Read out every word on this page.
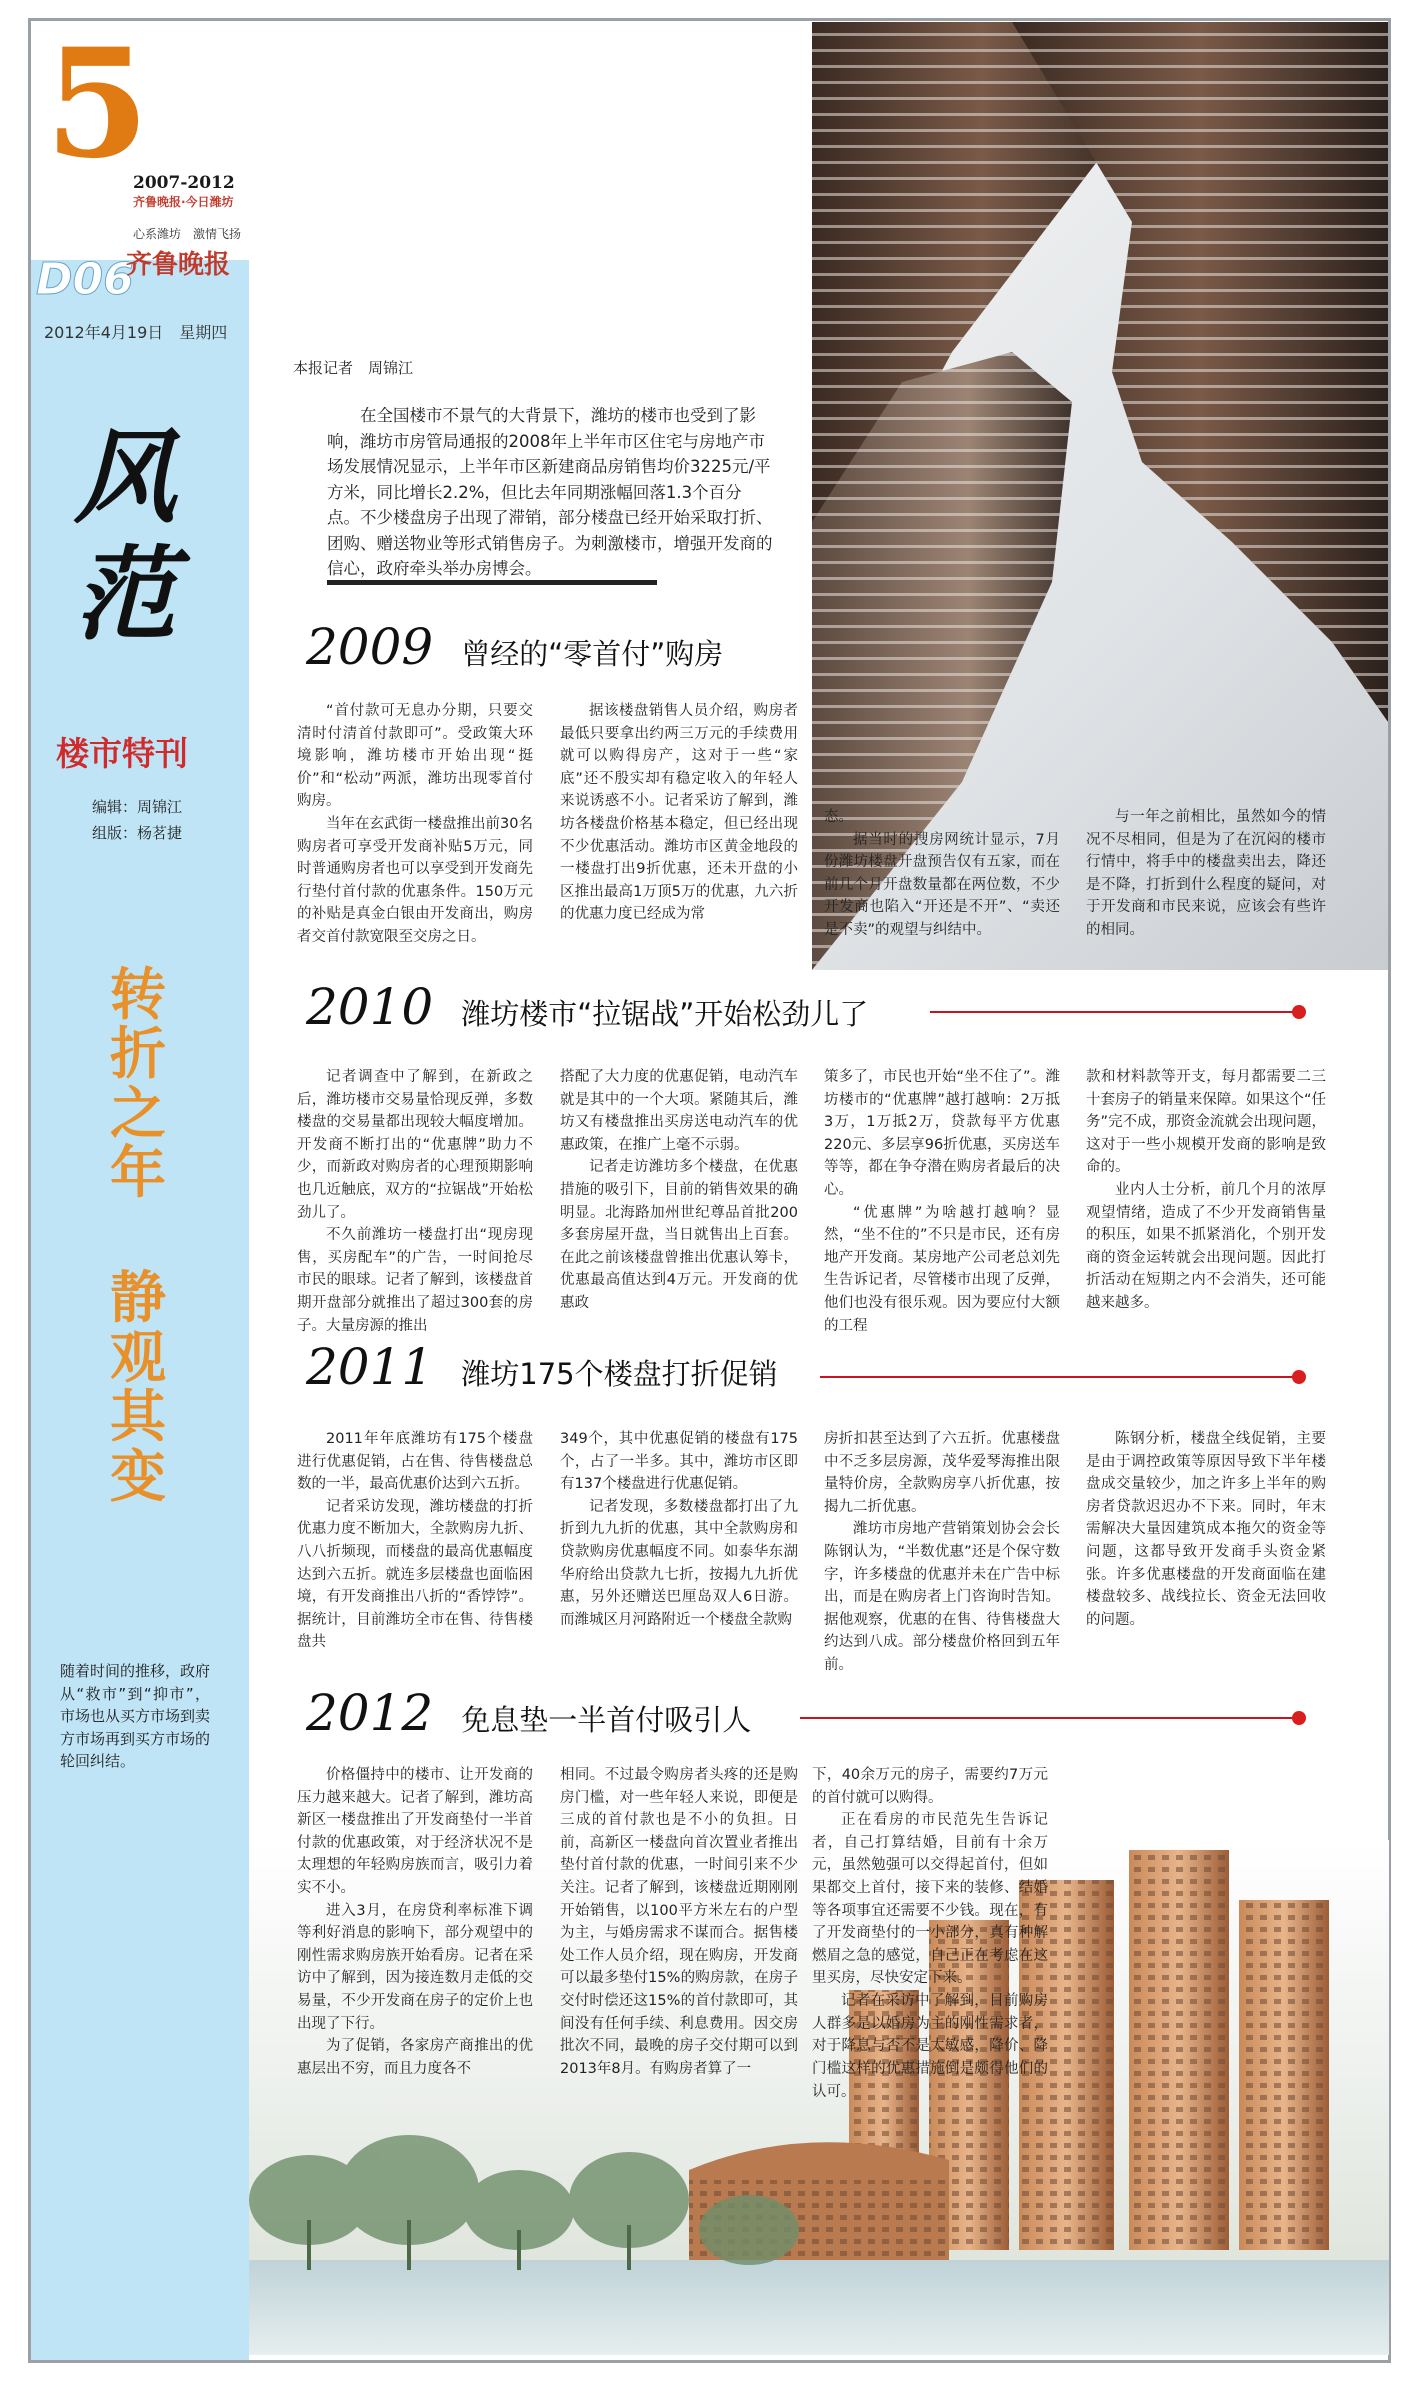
5
2007-2012
齐鲁晚报·今日潍坊
心系潍坊　激情飞扬
D06
齐鲁晚报
2012年4月19日　星期四
风范
楼市特刊
编辑：周锦江
组版：杨茗捷
转折之年
静观其变
随着时间的推移，政府从“救市”到“抑市”，市场也从买方市场到卖方市场再到买方市场的轮回纠结。
本报记者　周锦江
在全国楼市不景气的大背景下，潍坊的楼市也受到了影响，潍坊市房管局通报的2008年上半年市区住宅与房地产市场发展情况显示，上半年市区新建商品房销售均价3225元/平方米，同比增长2.2%，但比去年同期涨幅回落1.3个百分点。不少楼盘房子出现了滞销，部分楼盘已经开始采取打折、团购、赠送物业等形式销售房子。为刺激楼市，增强开发商的信心，政府牵头举办房博会。
2009 曾经的“零首付”购房

“首付款可无息办分期，只要交清时付清首付款即可”。受政策大环境影响，潍坊楼市开始出现“挺价”和“松动”两派，潍坊出现零首付购房。

当年在玄武街一楼盘推出前30名购房者可享受开发商补贴5万元，同时普通购房者也可以享受到开发商先行垫付首付款的优惠条件。150万元的补贴是真金白银由开发商出，购房者交首付款宽限至交房之日。

据该楼盘销售人员介绍，购房者最低只要拿出约两三万元的手续费用就可以购得房产，这对于一些“家底”还不殷实却有稳定收入的年轻人来说诱惑不小。记者采访了解到，潍坊各楼盘价格基本稳定，但已经出现不少优惠活动。潍坊市区黄金地段的一楼盘打出9折优惠，还未开盘的小区推出最高1万顶5万的优惠，九六折的优惠力度已经成为常

态。

据当时的搜房网统计显示，7月份潍坊楼盘开盘预告仅有五家，而在前几个月开盘数量都在两位数，不少开发商也陷入“开还是不开”、“卖还是不卖”的观望与纠结中。

与一年之前相比，虽然如今的情况不尽相同，但是为了在沉闷的楼市行情中，将手中的楼盘卖出去，降还是不降，打折到什么程度的疑问，对于开发商和市民来说，应该会有些许的相同。

2010 潍坊楼市“拉锯战”开始松劲儿了

记者调查中了解到，在新政之后，潍坊楼市交易量恰现反弹，多数楼盘的交易量都出现较大幅度增加。开发商不断打出的“优惠牌”助力不少，而新政对购房者的心理预期影响也几近触底，双方的“拉锯战”开始松劲儿了。

不久前潍坊一楼盘打出“现房现售，买房配车”的广告，一时间抢尽市民的眼球。记者了解到，该楼盘首期开盘部分就推出了超过300套的房子。大量房源的推出

搭配了大力度的优惠促销，电动汽车就是其中的一个大项。紧随其后，潍坊又有楼盘推出买房送电动汽车的优惠政策，在推广上毫不示弱。

记者走访潍坊多个楼盘，在优惠措施的吸引下，目前的销售效果的确明显。北海路加州世纪尊品首批200多套房屋开盘，当日就售出上百套。在此之前该楼盘曾推出优惠认筹卡，优惠最高值达到4万元。开发商的优惠政

策多了，市民也开始“坐不住了”。潍坊楼市的“优惠牌”越打越响：2万抵3万，1万抵2万，贷款每平方优惠220元、多层享96折优惠，买房送车等等，都在争夺潜在购房者最后的决心。

“优惠牌”为啥越打越响？显然，“坐不住的”不只是市民，还有房地产开发商。某房地产公司老总刘先生告诉记者，尽管楼市出现了反弹，他们也没有很乐观。因为要应付大额的工程

款和材料款等开支，每月都需要二三十套房子的销量来保障。如果这个“任务”完不成，那资金流就会出现问题，这对于一些小规模开发商的影响是致命的。

业内人士分析，前几个月的浓厚观望情绪，造成了不少开发商销售量的积压，如果不抓紧消化，个别开发商的资金运转就会出现问题。因此打折活动在短期之内不会消失，还可能越来越多。

2011 潍坊175个楼盘打折促销

2011年年底潍坊有175个楼盘进行优惠促销，占在售、待售楼盘总数的一半，最高优惠价达到六五折。

记者采访发现，潍坊楼盘的打折优惠力度不断加大，全款购房九折、八八折频现，而楼盘的最高优惠幅度达到六五折。就连多层楼盘也面临困境，有开发商推出八折的“香饽饽”。据统计，目前潍坊全市在售、待售楼盘共

349个，其中优惠促销的楼盘有175个，占了一半多。其中，潍坊市区即有137个楼盘进行优惠促销。

记者发现，多数楼盘都打出了九折到九九折的优惠，其中全款购房和贷款购房优惠幅度不同。如泰华东湖华府给出贷款九七折，按揭九九折优惠，另外还赠送巴厘岛双人6日游。而潍城区月河路附近一个楼盘全款购

房折扣甚至达到了六五折。优惠楼盘中不乏多层房源，茂华爱琴海推出限量特价房，全款购房享八折优惠，按揭九二折优惠。

潍坊市房地产营销策划协会会长陈钢认为，“半数优惠”还是个保守数字，许多楼盘的优惠并未在广告中标出，而是在购房者上门咨询时告知。据他观察，优惠的在售、待售楼盘大约达到八成。部分楼盘价格回到五年前。

陈钢分析，楼盘全线促销，主要是由于调控政策等原因导致下半年楼盘成交量较少，加之许多上半年的购房者贷款迟迟办不下来。同时，年末需解决大量因建筑成本拖欠的资金等问题，这都导致开发商手头资金紧张。许多优惠楼盘的开发商面临在建楼盘较多、战线拉长、资金无法回收的问题。

2012 免息垫一半首付吸引人

价格僵持中的楼市、让开发商的压力越来越大。记者了解到，潍坊高新区一楼盘推出了开发商垫付一半首付款的优惠政策，对于经济状况不是太理想的年轻购房族而言，吸引力着实不小。

进入3月，在房贷利率标准下调等利好消息的影响下，部分观望中的刚性需求购房族开始看房。记者在采访中了解到，因为接连数月走低的交易量，不少开发商在房子的定价上也出现了下行。

为了促销，各家房产商推出的优惠层出不穷，而且力度各不

相同。不过最令购房者头疼的还是购房门槛，对一些年轻人来说，即便是三成的首付款也是不小的负担。日前，高新区一楼盘向首次置业者推出垫付首付款的优惠，一时间引来不少关注。记者了解到，该楼盘近期刚刚开始销售，以100平方米左右的户型为主，与婚房需求不谋而合。据售楼处工作人员介绍，现在购房，开发商可以最多垫付15%的购房款，在房子交付时偿还这15%的首付款即可，其间没有任何手续、利息费用。因交房批次不同，最晚的房子交付期可以到2013年8月。有购房者算了一

下，40余万元的房子，需要约7万元的首付就可以购得。

正在看房的市民范先生告诉记者，自己打算结婚，目前有十余万元，虽然勉强可以交得起首付，但如果都交上首付，接下来的装修、结婚等各项事宜还需要不少钱。现在，有了开发商垫付的一小部分，真有种解燃眉之急的感觉，自己正在考虑在这里买房，尽快安定下来。

记者在采访中了解到，目前购房人群多是以婚房为主的刚性需求者，对于降息与否不是太敏感，降价、降门槛这样的优惠措施倒是颇得他们的认可。
